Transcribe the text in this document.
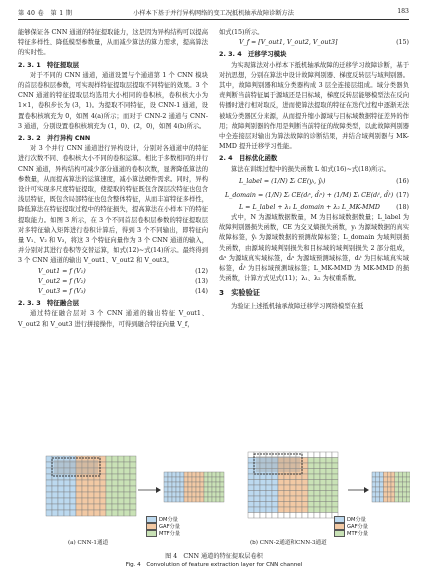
第 40 卷　第 1 期	小样本下基于并行异构网络的变工况抵机轴承故障诊断方法	183

能够保证各 CNN 通道的特征提取能力，这是因为异构结构可以提高特征多样性、降低模型参数量，从而减少算法的算力需求，提高算法的实时性。

2. 3. 1　特征提取层

对于不同的 CNN 通道，通道设置与个通道第 1 个 CNN 模块的首层卷积层参数，可实现样特征提取层提取不同特征的效果。3 个 CNN 通道的特征提取层均选用大小相同的卷积核，卷积核大小为 1×1，卷积步长为 (3，1)。为提取不同特征，设 CNN-1 通道，设置卷积核填充为 0，如图 4(a)所示；而对于 CNN-2 通道与 CNN-3 通道，分别设置卷积核填充为 (1，0)、(2，0)，如图 4(b)所示。

2. 3. 2　并行异构 CNN

对 3 个并行 CNN 通道进行异构设计，分别对各通道中的特征进行次数不同、卷积核大小不同的卷积运算。相比于多数相同的并行 CNN 通道，异构结构可减少部分通道的卷积次数，显著降低算法的参数量，从而提高算法的运算速度，减小算法硬件需求。同时，异构设计可实现多尺度特征提取，使提取的特征既包含深层次特征也包含浅层特征，既包含局部特征也包含整体特征，从而丰富特征多样性，降低算法在特征提取过程中的特征损失，提高算法在小样本下的特征提取能力。如图 3 所示，在 3 个不同首层卷积层参数的特征提取层对多特征输入矩阵进行卷积计算后，得到 3 个不同输出，即特征向量 V₁、V₂ 和 V₃，将这 3 个特征向量作为 3 个 CNN 通道的输入，并分别对其进行卷积等交替运算，如式(12)~式(14)所示。最终得到 3 个 CNN 通道的输出 V_out1、V_out2 和 V_out3。

V_out1 = f (V₁)	(12)
V_out2 = f (V₂)	(13)
V_out3 = f (V₃)	(14)
2. 3. 3　特征融合层

通过特征融合层对 3 个 CNN 通道的输出特征 V_out1、V_out2 和 V_out3 进行拼接操作，可得到融合特征向量 V_f，

如式(15)所示。

V_f = [V_out1, V_out2, V_out3]	(15)
2. 3. 4　迁移学习模块

为实现算法对小样本下抵机轴承故障的迁移学习故障诊断，基于对抗思想，分别在算法中设计故障判别器、梯度反转层与域判别器。其中，故障判别器和域分类器构成 3 层全连接层组成。域分类器负责判断当前特征属于源域还是目标域，梯度反转层能够模型法在反向传播时进行相对取反，进而使算法提取的特征在迭代过程中逐渐无法被域分类器区分来源，从而提升缩小源域与目标域数据特征差异的作用；故障判别器的作用是判断当前特征的故障类型，以此故障判别器中全连接层对输出为算法故障的诊断结果，并结合域判别器与 MK-MMD 提升迁移学习性能。

2. 4　目标优化函数

算法在训练过程中的损失函数 L 如式(16)~式(18)所示。

L_label = (1/N) Σᵢ CE(yᵢ, ŷᵢ)	(16)
L_domain = (1/N) Σᵢ CE(dᵢˢ, d̂ᵢˢ) + (1/M) Σᵢ CE(dᵢᵗ, d̂ᵢᵗ) (17)
L = L_label + λ₁ L_domain + λ₂ L_MK-MMD	(18)

式中，N 为源域数据数量，M 为目标域数据数量；L_label 为故障判别器损失函数，CE 为交叉熵损失函数，yᵢ 为源域数据的真实故障标签，ŷᵢ 为源域数据的预测故障标签；L_domain 为域判别损失函数，由源域的域判别损失和目标域的域判别损失 2 部分组成，dᵢˢ 为源域真实域标签，d̂ᵢˢ 为源域预测域标签，dᵢᵗ 为目标域真实域标签，d̂ᵢᵗ 为目标域预测域标签；L_MK-MMD 为 MK-MMD 的损失函数，计算方式见式(11)；λ₁、λ₂ 为权重系数。

3　实验验证

为验证上述抵机轴承故障迁移学习网络模型在抵

DM分量
GAF分量
MTF分量
DM分量
GAF分量
MTF分量
(a) CNN-1通道	(b) CNN-2通道和CNN-3通道
图 4　CNN 通道的特征提取层卷积
Fig. 4　Convolution of feature extraction layer for CNN channel
